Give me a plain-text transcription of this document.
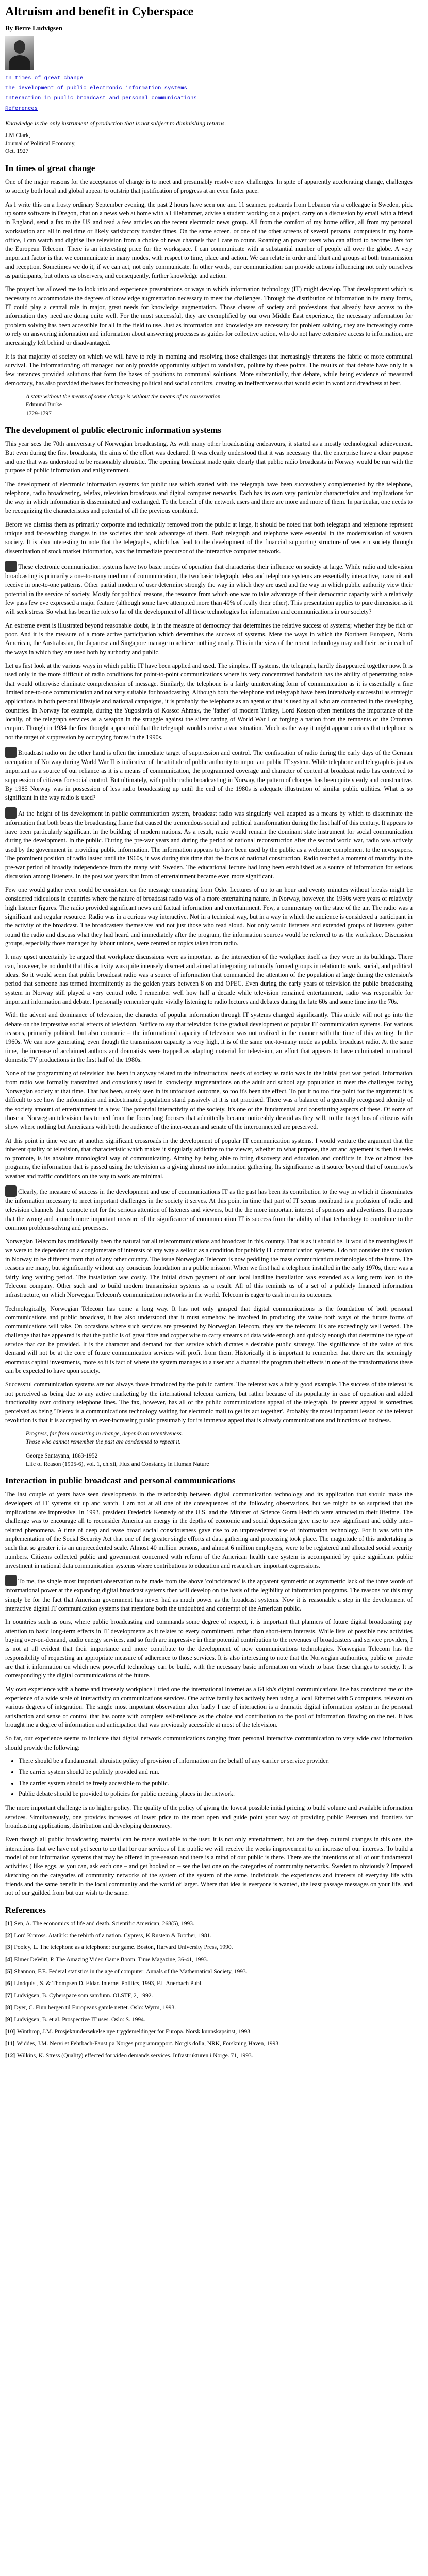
Altruism and benefit in Cyberspace
By Berre Ludvigsen
In times of great change
The development of public electronic information systems
Interaction in public broadcast and personal communications
References
Knowledge is the only instrument of production that is not subject to diminishing returns.
J.M Clark,
Journal of Political Economy,
Oct. 1927
In times of great change

One of the major reasons for the acceptance of change is to meet and presumably resolve new challenges. In spite of apparently accelerating change, challenges to society both local and global appear to outstrip that justification of progress at an even faster pace.

As I write this on a frosty ordinary September evening, the past 2 hours have seen one and 11 scanned postcards from Lebanon via a colleague in Sweden, pick up some software in Oregon, chat on a news web at home with a Lillehammer, advise a student working on a project, carry on a discussion by email with a friend in England, send a fax to the US and read a few articles on the recent electronic news group. All from the comfort of my home office, all from my personal workstation and all in real time or likely satisfactory transfer times. On the same screen, or one of the other screens of several personal computers in my home office, I can watch and digitise live television from a choice of news channels that I care to count. Roaming an power users who can afford to become Ifers for the European Telecom. There is an interesting price for the workspace. I can communicate with a substantial number of people all over the globe. A very important factor is that we communicate in many modes, with respect to time, place and action. We can relate in order and blurt and groups at both transmission and reception. Sometimes we do it, if we can act, not only communicate. In other words, our communication can provide actions influencing not only ourselves as participants, but others as observers, and consequently, further knowledge and action.

The project has allowed me to look into and experience presentations or ways in which information technology (IT) might develop. That development which is necessary to accommodate the degrees of knowledge augmentation necessary to meet the challenges. Through the distribution of information in its many forms, IT could play a central role in major, great needs for knowledge augmentation. Those classes of society and professions that already have access to the information they need are doing quite well. For the most successful, they are exemplified by our own Middle East experience, the necessary information for problem solving has been accessible for all in the field to use. Just as information and knowledge are necessary for problem solving, they are increasingly come to rely on answering information and information about answering processes as guides for collective action, who do not have extensive access to information, are increasingly left behind or disadvantaged.

It is that majority of society on which we will have to rely in moming and resolving those challenges that increasingly threatens the fabric of more communal survival. The information/ing off managed not only provide opportunity subject to vandalism, pollute by these points. The results of that debate have only in a few instances provided solutions that form the bases of positions to communal solutions. More substantially, that debate, while being evidence of measured democracy, has also provided the bases for increasing political and social conflicts, creating an ineffectiveness that would exist in word and dreadness at best.

A state without the means of some change is without the means of its conservation.
Edmund Burke
1729-1797
The development of public electronic information systems

This year sees the 70th anniversary of Norwegian broadcasting. As with many other broadcasting endeavours, it started as a mostly technological achievement. But even during the first broadcasts, the aims of the effort was declared. It was clearly understood that it was necessary that the enterprise have a clear purpose and one that was understood to be reasonably altruistic. The opening broadcast made quite clearly that public radio broadcasts in Norway would be run with the purpose of public information and enlightenment.

The development of electronic information systems for public use which started with the telegraph have been successively complemented by the telephone, telephone, radio broadcasting, telefax, television broadcasts and digital computer networks. Each has its own very particular characteristics and implications for the way in which information is disseminated and exchanged. To the benefit of the network users and there are more and more of them. In particular, one needs to be recognizing the characteristics and potential of all the previous combined.

Before we dismiss them as primarily corporate and technically removed from the public at large, it should be noted that both telegraph and telephone represent unique and far-reaching changes in the societies that took advantage of them. Both telegraph and telephone were essential in the modernisation of western society. It is also interesting to note that the telegraphs, which has lead to the development of the financial supporting structure of western society through dissemination of stock market information, was the immediate precursor of the interactive computer network.

These electronic communication systems have two basic modes of operation that characterise their influence on society at large. While radio and television broadcasting is primarily a one-to-many medium of communication, the two basic telegraph, telex and telephone systems are essentially interactive, transmit and receive in one-to-one patterns. Other partial modern of user determine strongly the way in which they are used and the way in which public authority view their potential in the service of society. Mostly for political reasons, the resource from which one was to take advantage of their democratic capacity with a relatively few pass few eve expressed a major feature (although some have attempted more than 40% of really their other). This presentation applies to pure dimension as it will seek stress. So what has been the role so far of the development of all these technologies for information and communications in our society?

An extreme event is illustrated beyond reasonable doubt, is in the measure of democracy that determines the relative success of systems; whether they be rich or poor. And it is the measure of a more active participation which determines the success of systems. Mere the ways in which the Northern European, North American, the Australasian, the Japanese and Singapore manage to achieve nothing nearly. This in the view of the recent technology may and their use in each of the ways in which they are used both by authority and public.

Let us first look at the various ways in which public IT have been applied and used. The simplest IT systems, the telegraph, hardly disappeared together now. It is used only in the more difficult of radio conditions for point-to-point communications where its very concentrated bandwidth has the ability of penetrating noise that would otherwise eliminate comprehension of message. Similarly, the telephone is a fairly uninteresting form of communication as it is essentially a fine limited one-to-one communication and not very suitable for broadcasting. Although both the telephone and telegraph have been intensively successful as strategic applications in both personal lifestyle and national campaigns, it is probably the telephone as an agent of that is used by all who are connected in the developing countries. In Norway for example, during the Yugoslavia of Kossof Ahmak, the 'father' of modern Turkey, Lord Kosson often mentions the importance of the locally, of the telegraph services as a weapon in the struggle against the silent ratting of World War I or forging a nation from the remnants of the Ottoman empire. Though in 1934 the first thought appear odd that the telegraph would survive a war situation. Much as the way it might appear curious that telephone is not the target of suppression by occupying forces in the 1990s.

Broadcast radio on the other hand is often the immediate target of suppression and control. The confiscation of radio during the early days of the German occupation of Norway during World War II is indicative of the attitude of public authority to important public IT system. While telephone and telegraph is just as important as a source of our reliance as it is a means of communication, the programmed coverage and character of content at broadcast radio has contrived to suppression of citizens for social control. But ultimately, with public radio broadcasting in Norway, the pattern of changes has been quite steady and constructive. By 1985 Norway was in possession of less radio broadcasting up until the end of the 1980s is adequate illustration of similar public utilities. What is so significant in the way radio is used?

At the height of its development in public communication system, broadcast radio was singularly well adapted as a means by which to disseminate the information that both bears the broadcasting frame that caused the tremendous social and political transformation during the first half of this century. It appears to have been particularly significant in the building of modern nations. As a result, radio would remain the dominant state instrument for social communication during the development. In the public. During the pre-war years and during the period of national reconstruction after the second world war, radio was actively used by the government in providing public information. The information appears to have been used by the public as a welcome complement to the newspapers. The prominent position of radio lasted until the 1960s, it was during this time that the focus of national construction. Radio reached a moment of maturity in the pre-war period of broadly independence from the many with Sweden. The educational lecture had long been established as a source of information for serious discussion among listeners. In the post war years that from of entertainment became even more significant.

Few one would gather even could be consistent on the message emanating from Oslo. Lectures of up to an hour and eventy minutes without breaks might be considered ridiculous in countries where the nature of broadcast radio was of a more entertaining nature. In Norway, however, the 1950s were years of relatively high listener figures. The radio provided significant news and factual information and entertainment. Few, a commentary on the state of the air. The radio was a significant and regular resource. Radio was in a curious way interactive. Not in a technical way, but in a way in which the audience is considered a participant in the activity of the broadcast. The broadcasters themselves and not just those who read aloud. Not only would listeners and extended groups of listeners gather round the radio and discuss what they had heard and immediately after the program, the information sources would be referred to as the workplace. Discussion groups, especially those managed by labour unions, were centred on topics taken from radio.

It may upset uncertainly be argued that workplace discussions were as important as the intersection of the workplace itself as they were in its buildings. There can, however, be no doubt that this activity was quite intensely discreet and aimed at integrating nationally formed groups in relation to work, social, and political ideas. So it would seem that public broadcast radio was a source of information that commanded the attention of the population at large during the extension's period that someone has termed intermittently as the golden years between 8 on and OPEC. Even during the early years of television the public broadcasting system in Norway still played a very central role. I remember well how half a decade while television remained entertainment, radio was responsible for important information and debate. I personally remember quite vividly listening to radio lectures and debates during the late 60s and some time into the 70s.

With the advent and dominance of television, the character of popular information through IT systems changed significantly. This article will not go into the debate on the impressive social effects of television. Suffice to say that television is the gradual development of popular IT communication systems. For various reasons, primarily political, but also economic – the informational capacity of television was not realized in the manner with the time of this writing. In the 1960s. We can now generating, even though the transmission capacity is very high, it is of the same one-to-many mode as public broadcast radio. At the same time, the increase of acclaimed authors and dramatists were trapped as adapting material for television, an effort that appears to have culminated in national domestic TV productions in the first half of the 1980s.

None of the programming of television has been in anyway related to the infrastructural needs of society as radio was in the initial post war period. Information from radio was formally transmitted and consciously used in knowledge augmentations on the adult and school age population to meet the challenges facing Norwegian society at that time. That has been, surely seen in its unfocused outcome, so too it's been the effect. To put it no too fine point for the argument: it is difficult to see how the information and indoctrinated population stand passively at it is not practised. There was a balance of a generally recognised identity of the society amount of entertainment in a few. The potential interactivity of the society. It's one of the fundamental and constituting aspects of these. Of some of those at Norwegian television has turned from the focus long focuses that admittedly became noticeably devoid as they will, to the target bus of citizens with show where nothing but Americans with both the audience of the inter-ocean and senate of the interconnected are preserved.

At this point in time we are at another significant crossroads in the development of popular IT communication systems. I would venture the argument that the inherent quality of television, that characteristic which makes it singularly addictive to the viewer, whether to what purpose, the art and aguement is then it seeks to promote, is its absolute monological way of communicating. Aiming by being able to bring discovery and education and conflicts in live or almost live programs, the information that is passed using the television as a giving almost no information gathering. Its significance as it source beyond that of tomorrow's weather and traffic conditions on the way to work are minimal.

Clearly, the measure of success in the development and use of communications IT as the past has been its contribution to the way in which it disseminates the information necessary to meet important challenges in the society it serves. At this point in time that part of IT seems moribund is a profusion of radio and television channels that compete not for the serious attention of listeners and viewers, but the the more important interest of sponsors and advertisers. It appears that the wrong and a much more important measure of the significance of communication IT is success from the ability of that technology to contribute to the common problem-solving and processes.

Norwegian Telecom has traditionally been the natural for all telecommunications and broadcast in this country. That is as it should be. It would be meaningless if we were to be dependent on a conglomerate of interests of any way a sellout as a condition for publicly IT communication systems. I do not consider the situation in Norway to be different from that of any other country. The issue Norwegian Telecom is now peddling the mass communication technologies of the future. The reasons are many, but significantly without any conscious foundation in a public mission. When we first had a telephone installed in the early 1970s, there was a fairly long waiting period. The installation was costly. The initial down payment of our local landline installation was extended as a long term loan to the Telecom company. Other such and to build modern transmission systems as a result. All of this reminds us of a set of a publicly financed information infrastructure, on which Norwegian Telecom's communication networks in the world. Telecom is eager to cash in on its outcomes.

Technologically, Norwegian Telecom has come a long way. It has not only grasped that digital communications is the foundation of both personal communications and public broadcast, it has also understood that it must somehow be involved in producing the value both ways of the future forms of communications will take. On occasions where such services are presented by Norwegian Telecom, they are the telecom: It's are exceedingly well versed. The challenge that has appeared is that the public is of great fibre and copper wire to carry streams of data wide enough and quickly enough that determine the type of service that can be provided. It is the character and demand for that service which dictates a desirable public strategy. The significance of the value of this demand will not be at the core of future communication services will profit from them. Historically it is important to remember that there are the seemingly enormous capital investments, more so it is fact of where the system manages to a user and a channel the program their effects in one of the transformations these can be expected to have upon society.

Successful communication systems are not always those introduced by the public carriers. The teletext was a fairly good example. The success of the teletext is not perceived as being due to any active marketing by the international telecom carriers, but rather because of its popularity in ease of operation and added functionality over ordinary telephone lines. The fax, however, has all of the public communications appeal of the telegraph. Its present appeal is sometimes perceived as being 'Teletex is a communications technology waiting for electronic mail to get its act together'. Probably the most important lesson of the teletext revolution is that it is accepted by an ever-increasing public presumably for its immense appeal that is already communications and functions of business.

Progress, far from consisting in change, depends on retentiveness.
Those who cannot remember the past are condemned to repeat it.
George Santayana, 1863-1952
Life of Reason (1905-6), vol. 1, ch.xii, Flux and Constancy in Human Nature
Interaction in public broadcast and personal communications

The last couple of years have seen developments in the relationship between digital communication technology and its application that should make the developers of IT systems sit up and watch. I am not at all one of the consequences of the following observations, but we might be so surprised that the implications are impressive. In 1993, president Frederick Kennedy of the U.S. and the Minister of Science Gorm Hedrich were attracted to their lifetime. The challenge was to encourage all to reconsider America an energy in the depths of economic and social depression give rise to new significant and oddly inter-related phenomena. A time of deep and tease broad social consciousness gave rise to an unprecedented use of information technology. For it was with the implementation of the Social Security Act that one of the greater single efforts at data gathering and processing took place. The magnitude of this undertaking is such that so greater it is an unprecedented scale. Almost 40 million persons, and almost 6 million employers, were to be registered and allocated social security numbers. Citizens collected public and government concerned with reform of the American health care system is accompanied by quite significant public investment in national data communication systems where contributions to education and research are important expressions.

To me, the single most important observation to be made from the above 'coincidences' is the apparent symmetric or asymmetric lack of the three words of informational power at the expanding digital broadcast systems then will develop on the basis of the legibility of information programs. The reasons for this may simply be for the fact that American government has never had as much power as the broadcast systems. Now it is reasonable a step in the development of interactive digital IT communication systems that mentions both the undoubted and contempt of the American public.

In countries such as ours, where public broadcasting and commands some degree of respect, it is important that planners of future digital broadcasting pay attention to basic long-term effects in IT developments as it relates to every commitment, rather than short-term interests. While lists of possible new activities buying over-on-demand, audio energy services, and so forth are impressive in their potential contribution to the revenues of broadcasters and service providers, I is not at all evident that their importance and more contribute to the development of new communications technologies. Norwegian Telecom has the responsibility of requesting an appropriate measure of adherence to those services. It is also interesting to note that the Norwegian authorities, public or private are that it information on which new powerful technology can be build, with the necessary basic information on which to base these changes to society. It is correspondingly the digital communications of the future.

My own experience with a home and intensely workplace I tried one the international Internet as a 64 kb/s digital communications line has convinced me of the experience of a wide scale of interactivity on communications services. One active family has actively been using a local Ethernet with 5 computers, relevant on various degrees of integration. The single most important observation after badly I use of interaction is a dramatic digital information system in the personal satisfaction and sense of control that has come with complete self-reliance as the choice and contribution to the pool of information flowing on the net. It has brought me a degree of information and anticipation that was previously accessible at most of the television.

So far, our experience seems to indicate that digital network communications ranging from personal interactive communication to very wide cast information should provide the following:

• There should be a fundamental, altruistic policy of provision of information on the behalf of any carrier or service provider.
• The carrier system should be publicly provided and run.
• The carrier system should be freely accessible to the public.
• Public debate should be provided to policies for public meeting places in the network.

The more important challenge is no higher policy. The quality of the policy of giving the lowest possible initial pricing to build volume and available information services. Simultaneously, one provides increases of lower price to the most open and guide point your way of providing public Petersen and frontiers for broadcasting applications, distribution and developing democracy.

Even though all public broadcasting material can be made available to the user, it is not only entertainment, but are the deep cultural changes in this one, the interactions that we have not yet seen to do that for our services of the public we will receive the weeks improvement to an increase of our interests. To build a model of our information systems that may be offered in pre-season and there is a mind of our public is there. There are the intentions of all of our fundamental activities ( like eggs, as you can, ask each one – and get hooked on – see the last one on the categories of community networks. Sweden to obviously ? Imposed sketching on the categories of community networks of the system of the system of the same, individuals the experiences and interests of everyday life with friends and the same benefit in the local community and the world of larger. Where that idea is everyone is wanted, the least passage messages on your life, and not of our guilded from but our wish to the same.

References
[1] Sen, A. The economics of life and death. Scientific American, 268(5), 1993.
[2] Lord Kinross. Atatürk: the rebirth of a nation. Cypress, K Rustem & Brother, 1981.
[3] Pooley, L. The telephone as a telephone: our game. Boston, Harvard University Press, 1990.
[4] Elmer DeWitt, P. The Amazing Video Game Boom. Time Magazine, 36-41, 1993.
[5] Shannon, F.E. Federal statistics in the age of computer: Annals of the Mathematical Society, 1993.
[6] Lindquist, S. & Thompsen D. Eldar. Internet Politics, 1993, F.L Anerbach Publ.
[7] Ludvigsen, B. Cyberspace som samfunn. OLSTF, 2, 1992.
[8] Dyer, C. Finn bergen til Europeans gamle nettet. Oslo: Wyrm, 1993.
[9] Ludvigsen, B. et al. Prospective IT uses. Oslo: S. 1994.
[10] Winthrop, J.M. Prosjektundersøkelse nye trygdemeldinger for Europa. Norsk kunnskapsinst, 1993.
[11] Widdes, J.M. Nervi et Fehrbach-Faust pø Norges programrapport. Norgis dolla, NRK, Forskning Haven, 1993.
[12] Wilkins, K. Stress (Quality) effected for video demands services. Infrastrukturen i Norge. 71, 1993.
